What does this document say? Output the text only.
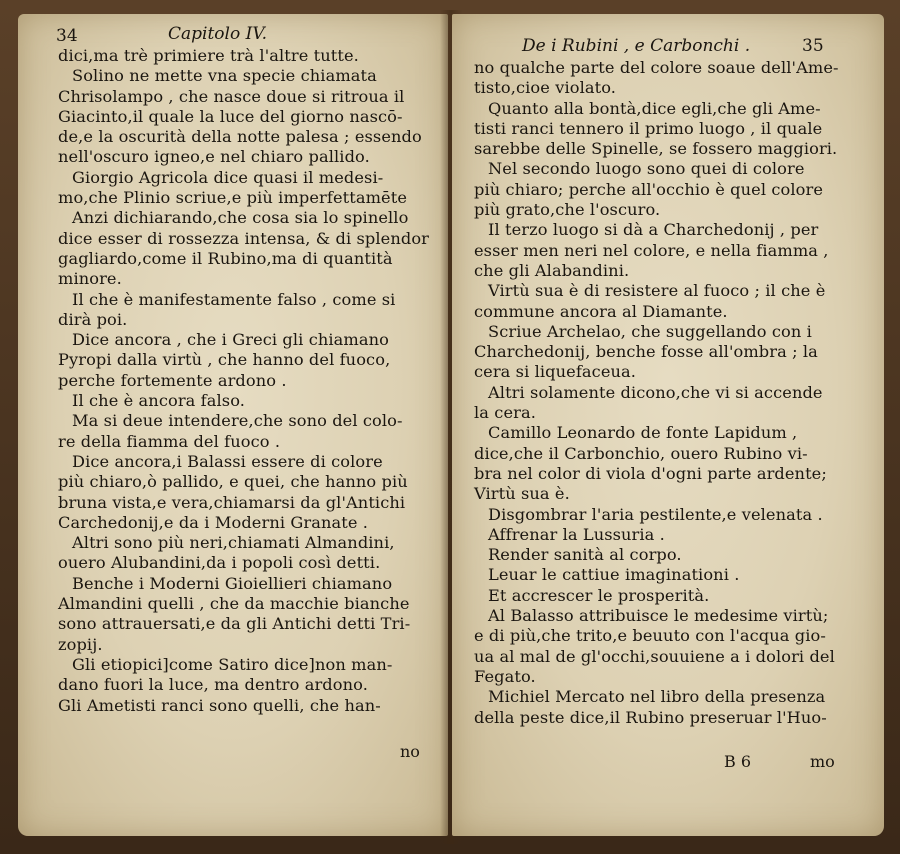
34	Capitolo IV.
dici,ma trè primiere trà l'altre tutte.
Solino ne mette vna specie chiamata
Chrisolampo , che nasce doue si ritroua il
Giacinto,il quale la luce del giorno nascō-
de,e la oscurità della notte palesa ; essendo
nell'oscuro igneo,e nel chiaro pallido.
Giorgio Agricola dice quasi il medesi-
mo,che Plinio scriue,e più imperfettamēte
Anzi dichiarando,che cosa sia lo spinello
dice esser di rossezza intensa, & di splendor
gagliardo,come il Rubino,ma di quantità
minore.
Il che è manifestamente falso , come si
dirà poi.
Dice ancora , che i Greci gli chiamano
Pyropi dalla virtù , che hanno del fuoco,
perche fortemente ardono .
Il che è ancora falso.
Ma si deue intendere,che sono del colo-
re della fiamma del fuoco .
Dice ancora,i Balassi essere di colore
più chiaro,ò pallido, e quei, che hanno più
bruna vista,e vera,chiamarsi da gl'Antichi
Carchedonij,e da i Moderni Granate .
Altri sono più neri,chiamati Almandini,
ouero Alubandini,da i popoli così detti.
Benche i Moderni Gioiellieri chiamano
Almandini quelli , che da macchie bianche
sono attrauersati,e da gli Antichi detti Tri-
zopij.
Gli etiopici]come Satiro dice]non man-
dano fuori la luce, ma dentro ardono.
Gli Ametisti ranci sono quelli, che han-
no
De i Rubini , e Carbonchi .	35
no qualche parte del colore soaue dell'Ame-
tisto,cioe violato.
Quanto alla bontà,dice egli,che gli Ame-
tisti ranci tennero il primo luogo , il quale
sarebbe delle Spinelle, se fossero maggiori.
Nel secondo luogo sono quei di colore
più chiaro; perche all'occhio è quel colore
più grato,che l'oscuro.
Il terzo luogo si dà a Charchedonij , per
esser men neri nel colore, e nella fiamma ,
che gli Alabandini.
Virtù sua è di resistere al fuoco ; il che è
commune ancora al Diamante.
Scriue Archelao, che suggellando con i
Charchedonij, benche fosse all'ombra ; la
cera si liquefaceua.
Altri solamente dicono,che vi si accende
la cera.
Camillo Leonardo de fonte Lapidum ,
dice,che il Carbonchio, ouero Rubino vi-
bra nel color di viola d'ogni parte ardente;
Virtù sua è.
Disgombrar l'aria pestilente,e velenata .
Affrenar la Lussuria .
Render sanità al corpo.
Leuar le cattiue imaginationi .
Et accrescer le prosperità.
Al Balasso attribuisce le medesime virtù;
e di più,che trito,e beuuto con l'acqua gio-
ua al mal de gl'occhi,souuiene a i dolori del
Fegato.
Michiel Mercato nel libro della presenza
della peste dice,il Rubino preseruar l'Huo-
B 6	mo
